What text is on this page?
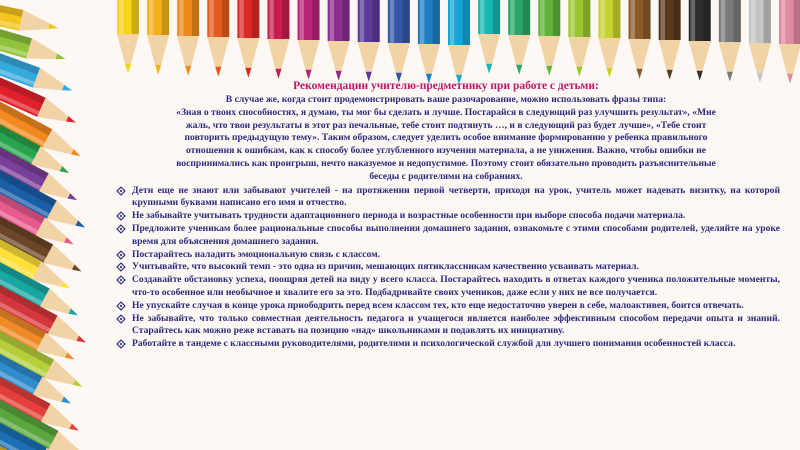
Рекомендации учителю-предметнику при работе с детьми:

В случае же, когда стоит продемонстрировать ваше разочарование, можно использовать фразы типа:

«Зная о твоих способностях, я думаю, ты мог бы сделать и лучше. Постарайся в следующий раз улучшить результат», «Мне

жаль, что твои результаты в этот раз печальные, тебе стоит подтянуть …, и в следующий раз будет лучше», «Тебе стоит

повторить предыдущую тему». Таким образом, следует уделить особое внимание формированию у ребенка правильного

отношения к ошибкам, как к способу более углубленного изучения материала, а не унижения. Важно, чтобы ошибки не

воспринимались как проигрыш, нечто наказуемое и недопустимое. Поэтому стоит обязательно проводить разъяснительные

беседы с родителями на собраниях.

Дети еще не знают или забывают учителей - на протяжении первой четверти, приходя на урок, учитель может надевать визитку, на которой крупными буквами написано его имя и отчество.
Не забывайте учитывать трудности адаптационного периода и возрастные особенности при выборе способа подачи материала.
Предложите ученикам более рациональные способы выполнения домашнего задания, ознакомьте с этими способами родителей, уделяйте на уроке время для объяснения домашнего задания.
Постарайтесь наладить эмоциональную связь с классом.
Учитывайте, что высокий темп - это одна из причин, мешающих пятиклассникам качественно усваивать материал.
Создавайте обстановку успеха, поощряя детей на виду у всего класса. Постарайтесь находить в ответах каждого ученика положительные моменты, что-то особенное или необычное и хвалите его за это. Подбадривайте своих учеников, даже если у них не все получается.
Не упускайте случая в конце урока приободрить перед всем классом тех, кто еще недостаточно уверен в себе, малоактивен, боится отвечать.
Не забывайте, что только совместная деятельность педагога и учащегося является наиболее эффективным способом передачи опыта и знаний. Старайтесь как можно реже вставать на позицию «над» школьниками и подавлять их инициативу.
Работайте в тандеме с классными руководителями, родителями и психологической службой для лучшего понимания особенностей класса.
